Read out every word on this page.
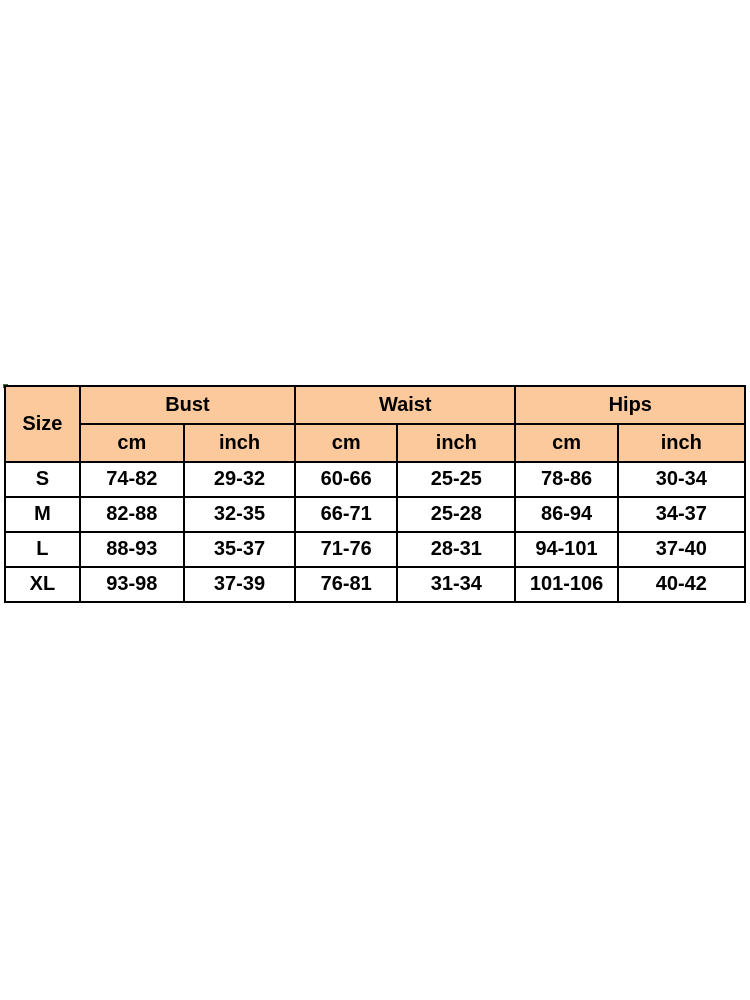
Size	Bust		Waist		Hips	
	cm	inch	cm	inch	cm	inch
S	74-82	29-32	60-66	25-25	78-86	30-34
M	82-88	32-35	66-71	25-28	86-94	34-37
L	88-93	35-37	71-76	28-31	94-101	37-40
XL	93-98	37-39	76-81	31-34	101-106	40-42
